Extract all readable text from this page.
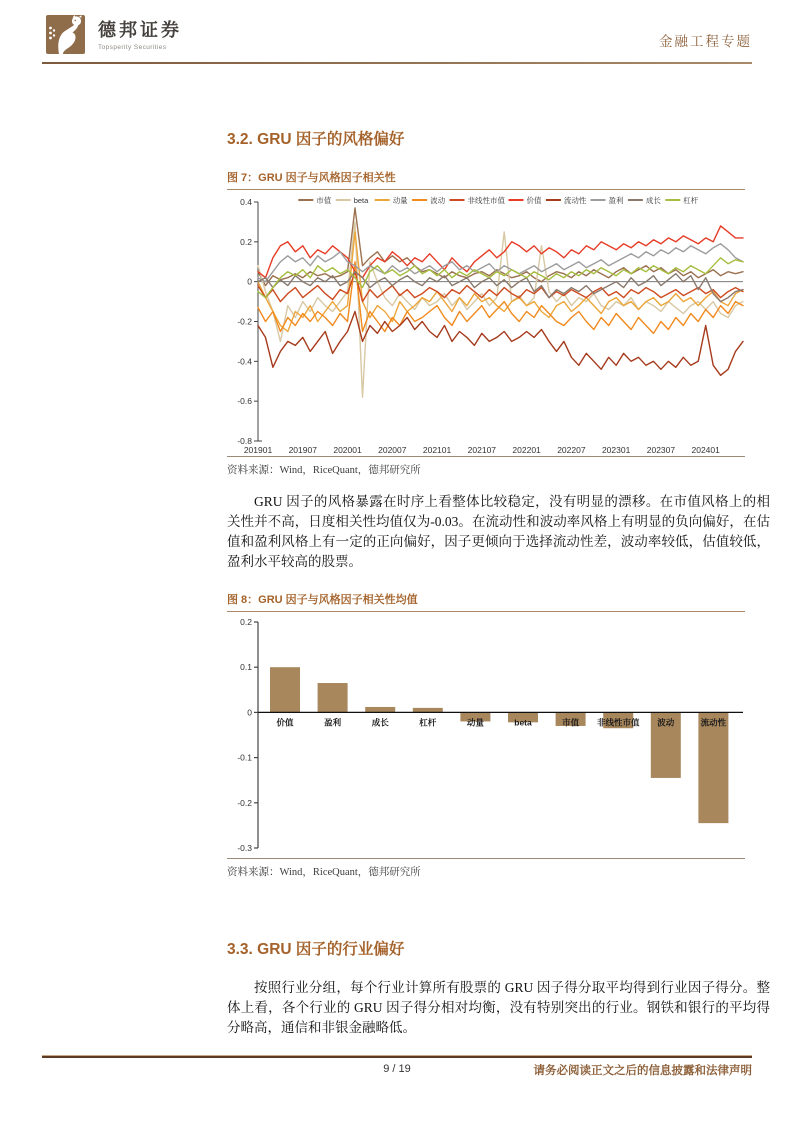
德邦证券
Topsperity Securities	金融工程专题
3.2. GRU 因子的风格偏好
图 7：GRU 因子与风格因子相关性
0.4
0.2
0
-0.2
-0.4
-0.6
-0.8
201901 201907 202001 202007 202101 202107 202201 202207 202301 202307 202401
市值	beta	动量	波动	非线性市值	价值	流动性	盈利	成长	杠杆
资料来源：Wind，RiceQuant，德邦研究所

GRU 因子的风格暴露在时序上看整体比较稳定，没有明显的漂移。在市值风格上的相关性并不高，日度相关性均值仅为-0.03。在流动性和波动率风格上有明显的负向偏好，在估值和盈利风格上有一定的正向偏好，因子更倾向于选择流动性差，波动率较低，估值较低，盈利水平较高的股票。

图 8：GRU 因子与风格因子相关性均值
0.2
0.1
0
-0.1
-0.2
-0.3
价值	盈利	成长	杠杆	动量	beta	市值 非线性市值 波动	流动性
资料来源：Wind，RiceQuant，德邦研究所
3.3. GRU 因子的行业偏好

按照行业分组，每个行业计算所有股票的 GRU 因子得分取平均得到行业因子得分。整体上看，各个行业的 GRU 因子得分相对均衡，没有特别突出的行业。钢铁和银行的平均得分略高，通信和非银金融略低。

9 / 19	请务必阅读正文之后的信息披露和法律声明
